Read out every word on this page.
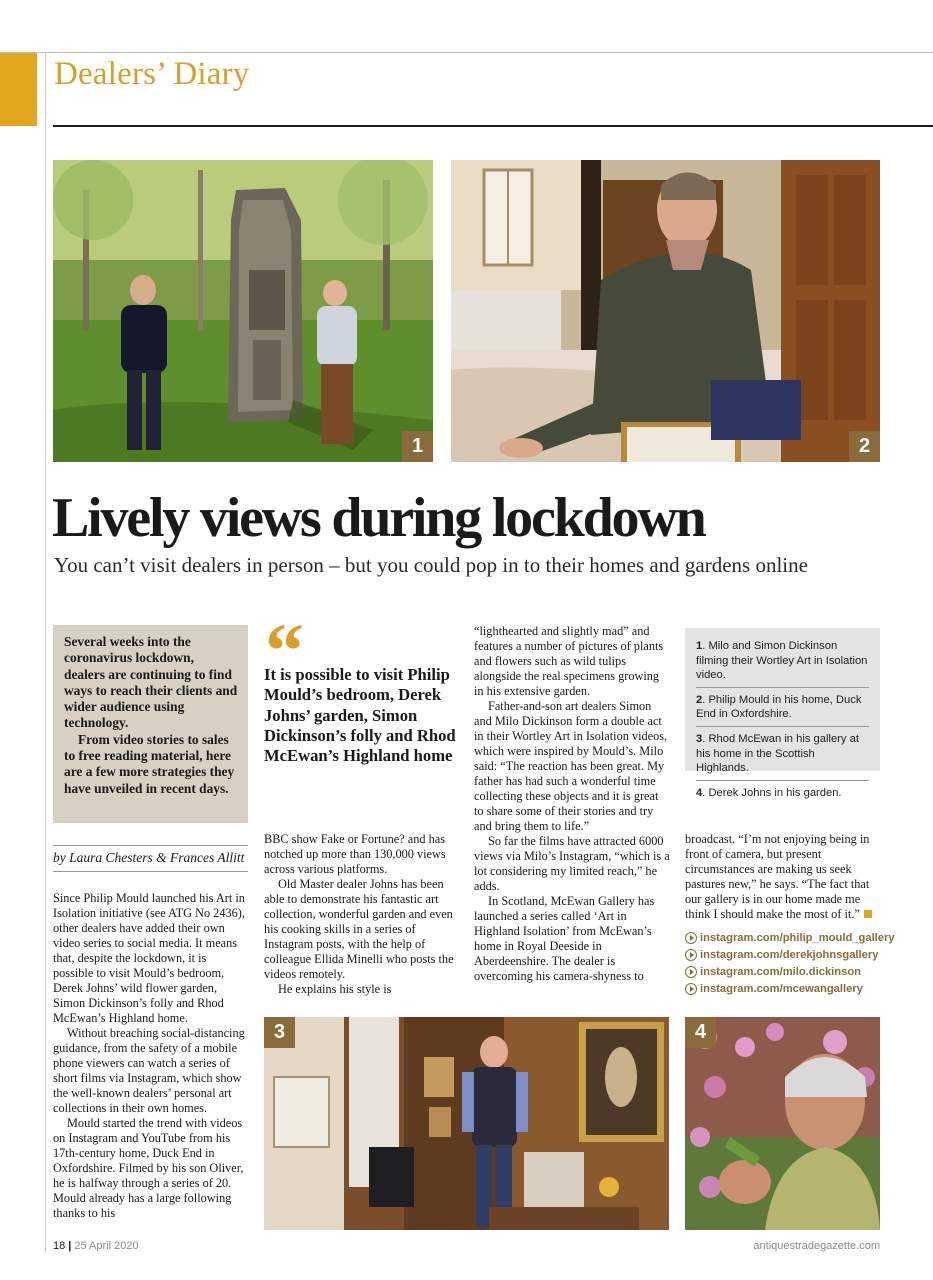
Dealers’ Diary
1	2
Lively views during lockdown
You can’t visit dealers in person – but you could pop in to their homes and gardens online

Several weeks into the coronavirus lockdown, dealers are continuing to find ways to reach their clients and wider audience using technology.

From video stories to sales to free reading material, here are a few more strategies they have unveiled in recent days.

by Laura Chesters & Frances Allitt

Since Philip Mould launched his Art in Isolation initiative (see ATG No 2436), other dealers have added their own video series to social media. It means that, despite the lockdown, it is possible to visit Mould’s bedroom, Derek Johns’ wild flower garden, Simon Dickinson’s folly and Rhod McEwan’s Highland home.

Without breaching social-distancing guidance, from the safety of a mobile phone viewers can watch a series of short films via Instagram, which show the well-known dealers’ personal art collections in their own homes.

Mould started the trend with videos on Instagram and YouTube from his 17th-century home, Duck End in Oxfordshire. Filmed by his son Oliver, he is halfway through a series of 20. Mould already has a large following thanks to his

“
It is possible to visit Philip Mould’s bedroom, Derek Johns’ garden, Simon Dickinson’s folly and Rhod McEwan’s Highland home

BBC show Fake or Fortune? and has notched up more than 130,000 views across various platforms.

Old Master dealer Johns has been able to demonstrate his fantastic art collection, wonderful garden and even his cooking skills in a series of Instagram posts, with the help of colleague Ellida Minelli who posts the videos remotely.

He explains his style is

“lighthearted and slightly mad” and features a number of pictures of plants and flowers such as wild tulips alongside the real specimens growing in his extensive garden.

Father-and-son art dealers Simon and Milo Dickinson form a double act in their Wortley Art in Isolation videos, which were inspired by Mould’s. Milo said: “The reaction has been great. My father has had such a wonderful time collecting these objects and it is great to share some of their stories and try and bring them to life.”

So far the films have attracted 6000 views via Milo’s Instagram, “which is a lot considering my limited reach,” he adds.

In Scotland, McEwan Gallery has launched a series called ‘Art in Highland Isolation’ from McEwan’s home in Royal Deeside in Aberdeenshire. The dealer is overcoming his camera-shyness to

1. Milo and Simon Dickinson filming their Wortley Art in Isolation video.
2. Philip Mould in his home, Duck End in Oxfordshire.
3. Rhod McEwan in his gallery at his home in the Scottish Highlands.
4. Derek Johns in his garden.

broadcast. “I’m not enjoying being in front of camera, but present circumstances are making us seek pastures new,” he says. “The fact that our gallery is in our home made me think I should make the most of it.”

instagram.com/philip_mould_gallery
instagram.com/derekjohnsgallery
instagram.com/milo.dickinson
instagram.com/mcewangallery
3	4
18 | 25 April 2020	antiquestradegazette.com
